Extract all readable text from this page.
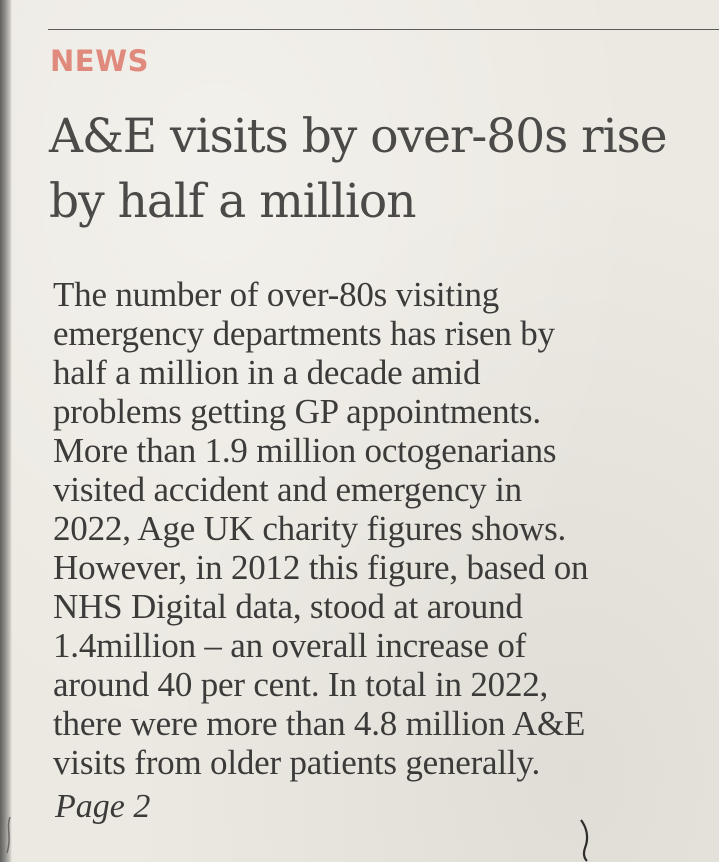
NEWS

A&E visits by over-80s rise by half a million

The number of over-80s visiting
emergency departments has risen by
half a million in a decade amid
problems getting GP appointments.
More than 1.9 million octogenarians
visited accident and emergency in
2022, Age UK charity figures shows.
However, in 2012 this figure, based on
NHS Digital data, stood at around
1.4million – an overall increase of
around 40 per cent. In total in 2022,
there were more than 4.8 million A&E
visits from older patients generally.

Page 2
